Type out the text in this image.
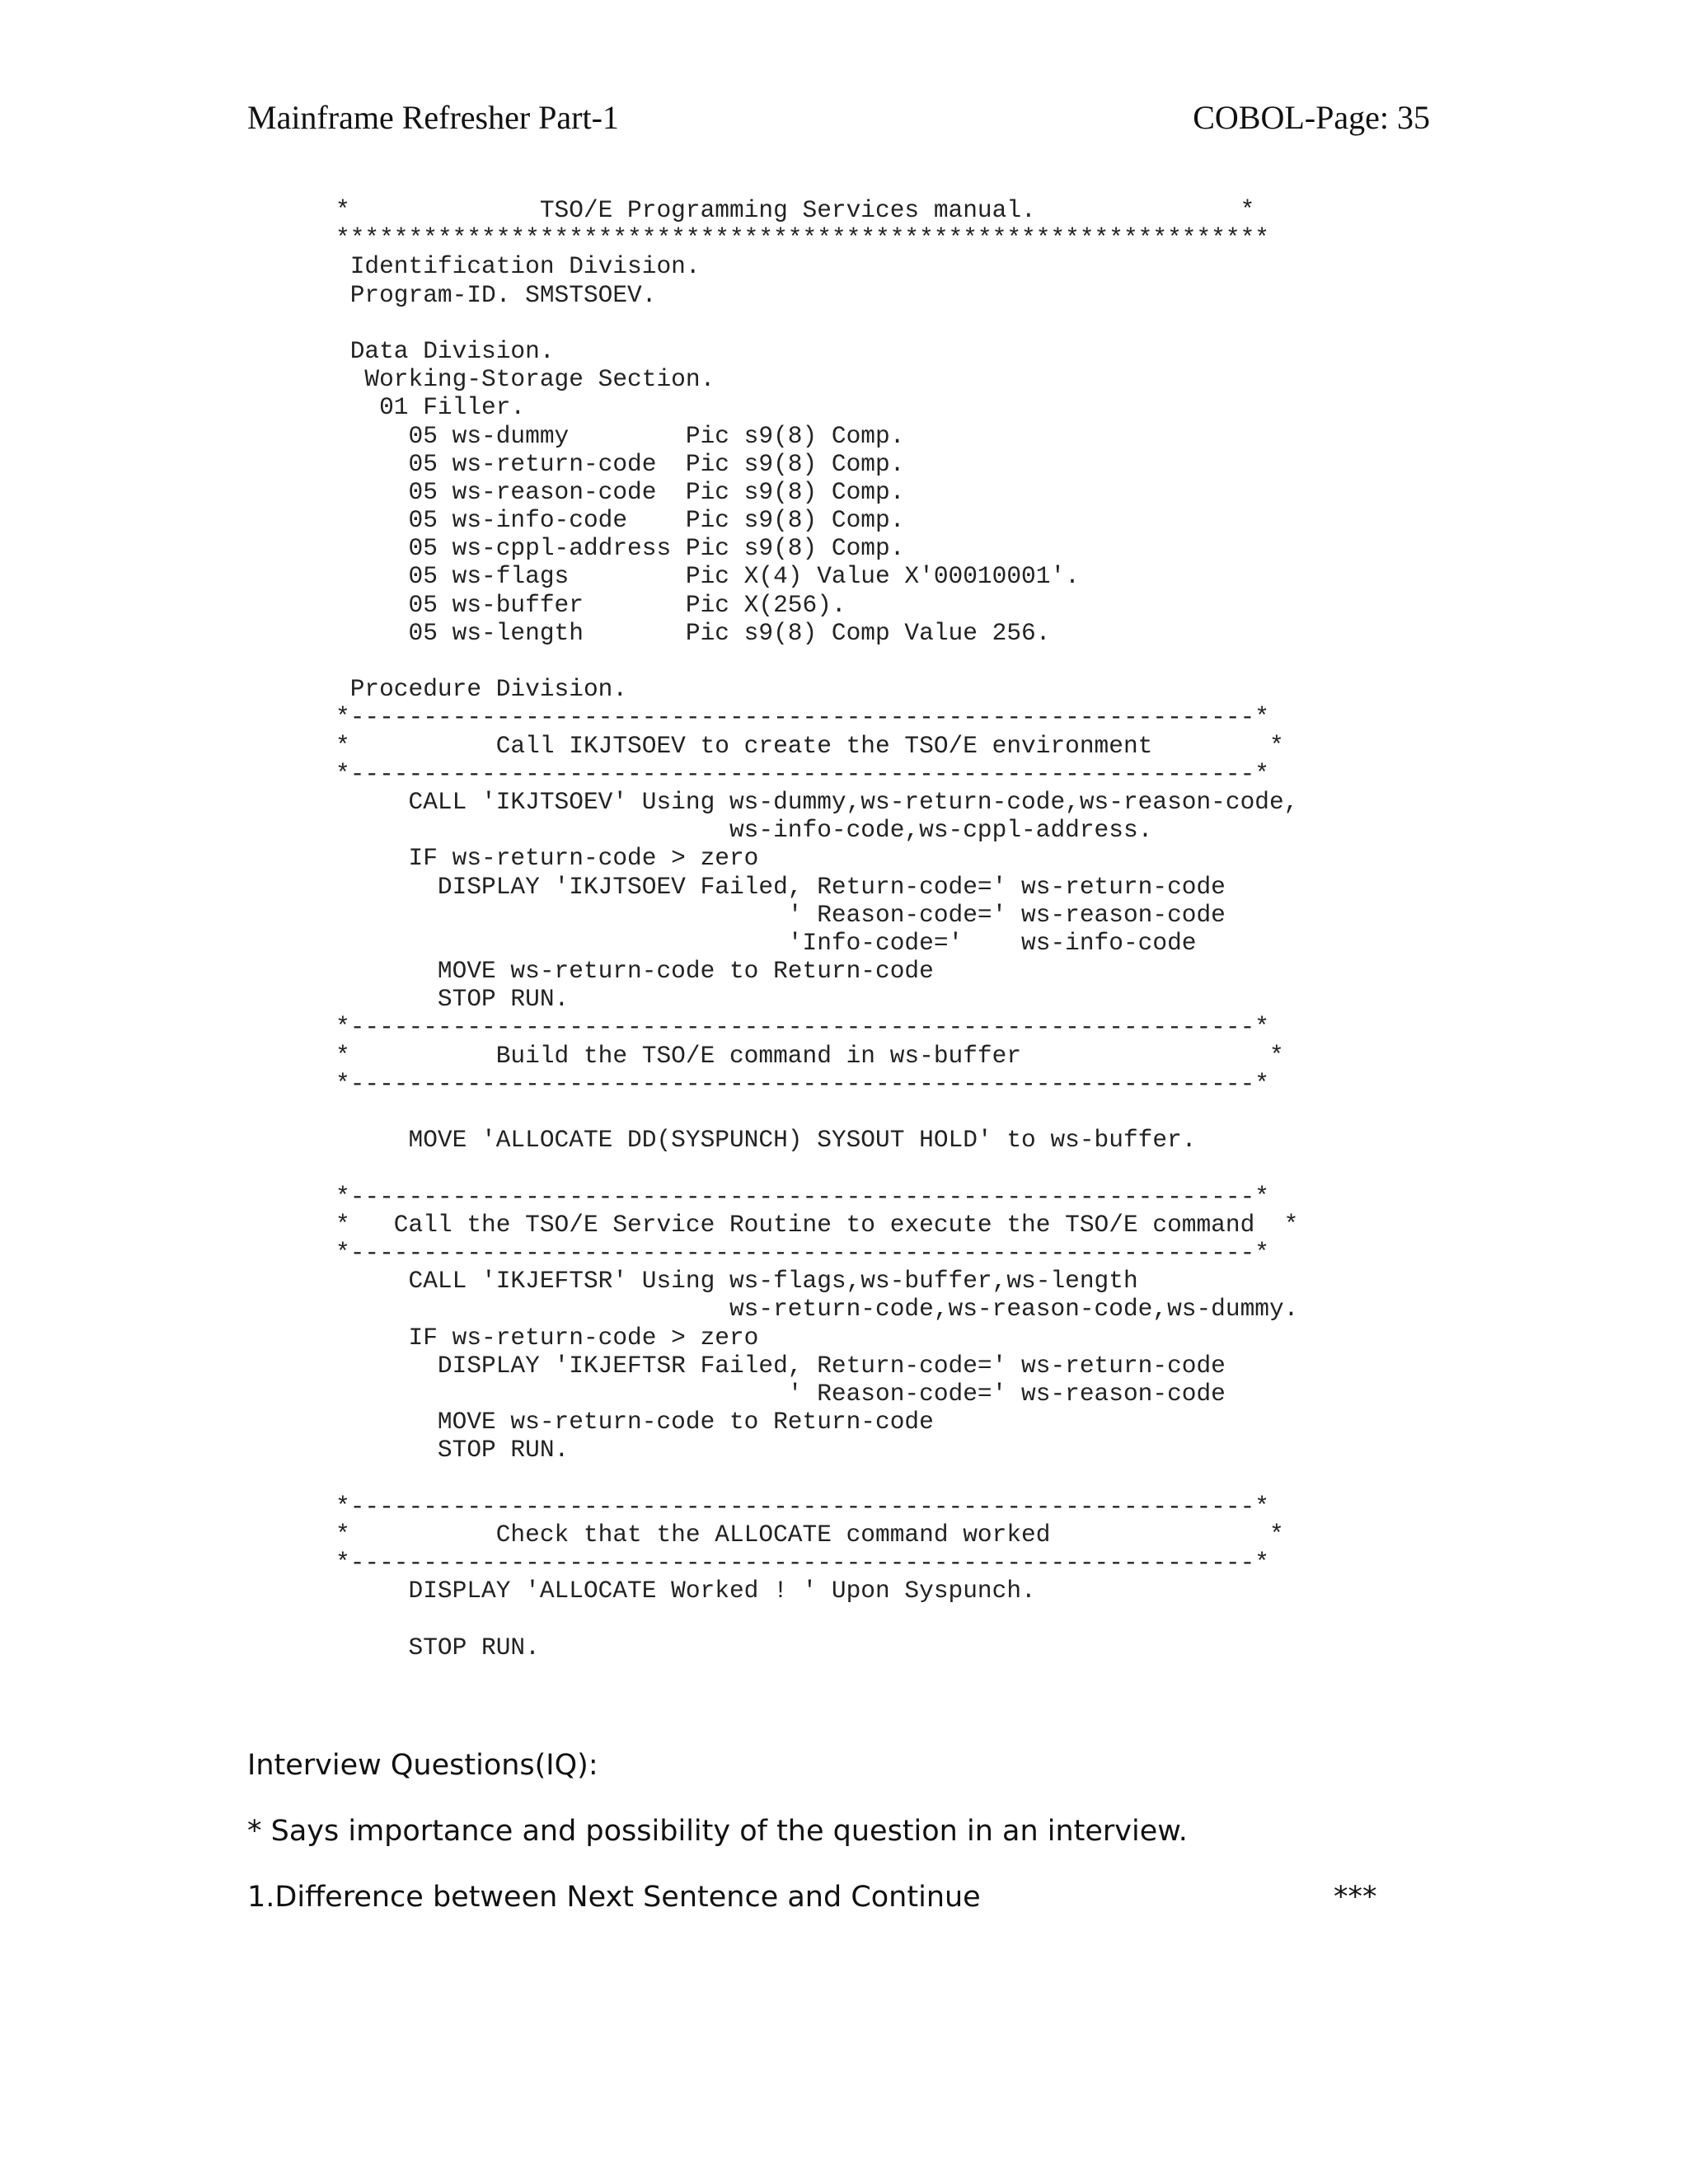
Mainframe Refresher Part-1	COBOL-Page: 35
*             TSO/E Programming Services manual.              *
****************************************************************
Identification Division.
Program-ID. SMSTSOEV.
Data Division.
Working-Storage Section.
01 Filler.
05 ws-dummy        Pic s9(8) Comp.
05 ws-return-code  Pic s9(8) Comp.
05 ws-reason-code  Pic s9(8) Comp.
05 ws-info-code    Pic s9(8) Comp.
05 ws-cppl-address Pic s9(8) Comp.
05 ws-flags        Pic X(4) Value X'00010001'.
05 ws-buffer       Pic X(256).
05 ws-length       Pic s9(8) Comp Value 256.
Procedure Division.
*--------------------------------------------------------------*
*          Call IKJTSOEV to create the TSO/E environment        *
*--------------------------------------------------------------*
CALL 'IKJTSOEV' Using ws-dummy,ws-return-code,ws-reason-code,
ws-info-code,ws-cppl-address.
IF ws-return-code > zero
DISPLAY 'IKJTSOEV Failed, Return-code=' ws-return-code
' Reason-code=' ws-reason-code
'Info-code='    ws-info-code
MOVE ws-return-code to Return-code
STOP RUN.
*--------------------------------------------------------------*
*          Build the TSO/E command in ws-buffer                 *
*--------------------------------------------------------------*
MOVE 'ALLOCATE DD(SYSPUNCH) SYSOUT HOLD' to ws-buffer.
*--------------------------------------------------------------*
*   Call the TSO/E Service Routine to execute the TSO/E command  *
*--------------------------------------------------------------*
CALL 'IKJEFTSR' Using ws-flags,ws-buffer,ws-length
ws-return-code,ws-reason-code,ws-dummy.
IF ws-return-code > zero
DISPLAY 'IKJEFTSR Failed, Return-code=' ws-return-code
' Reason-code=' ws-reason-code
MOVE ws-return-code to Return-code
STOP RUN.
*--------------------------------------------------------------*
*          Check that the ALLOCATE command worked               *
*--------------------------------------------------------------*
DISPLAY 'ALLOCATE Worked ! ' Upon Syspunch.
STOP RUN.
Interview Questions(IQ):
* Says importance and possibility of the question in an interview.
1.Difference between Next Sentence and Continue	***
